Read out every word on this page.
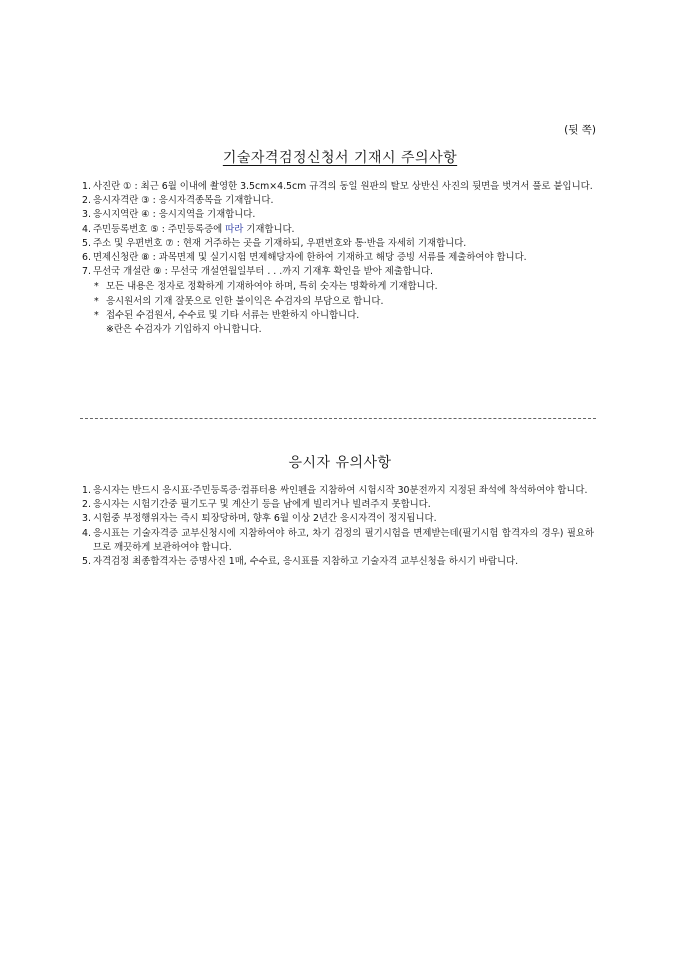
(뒷 쪽)
기술자격검정신청서 기재시 주의사항
1. 사진란 ① : 최근 6월 이내에 촬영한 3.5cm×4.5cm 규격의 동일 원판의 탈모 상반신 사진의 뒷면을 벗겨서 풀로 붙입니다.
2. 응시자격란 ③ : 응시자격종목을 기재합니다.
3. 응시지역란 ④ : 응시지역을 기재합니다.
4. 주민등록번호 ⑤ : 주민등록증에 따라 기재합니다.
5. 주소 및 우편번호 ⑦ : 현재 거주하는 곳을 기재하되, 우편번호와 통·반을 자세히 기재합니다.
6. 면제신청란 ⑧ : 과목면제 및 실기시험 면제해당자에 한하여 기재하고 해당 증빙 서류를 제출하여야 합니다.
7. 무선국 개설란 ⑨ : 무선국 개설연월일부터 . . .까지 기재후 확인을 받아 제출합니다.
* 모든 내용은 정자로 정확하게 기재하여야 하며, 특히 숫자는 명확하게 기재합니다.
* 응시원서의 기재 잘못으로 인한 불이익은 수검자의 부담으로 합니다.
* 접수된 수검원서, 수수료 및 기타 서류는 반환하지 아니합니다.
※란은 수검자가 기입하지 아니합니다.
응시자 유의사항
1. 응시자는 반드시 응시표·주민등록증·컴퓨터용 싸인펜을 지참하여 시험시작 30분전까지 지정된 좌석에 착석하여야 합니다.
2. 응시자는 시험기간중 필기도구 및 계산기 등을 남에게 빌리거나 빌려주지 못합니다.
3. 시험중 부정행위자는 즉시 퇴장당하며, 향후 6월 이상 2년간 응시자격이 정지됩니다.
4. 응시표는 기술자격증 교부신청시에 지참하여야 하고, 차기 검정의 필기시험을 면제받는데(필기시험 합격자의 경우) 필요하므로 깨끗하게 보관하여야 합니다.
5. 자격검정 최종합격자는 증명사진 1매, 수수료, 응시표를 지참하고 기술자격 교부신청을 하시기 바랍니다.
